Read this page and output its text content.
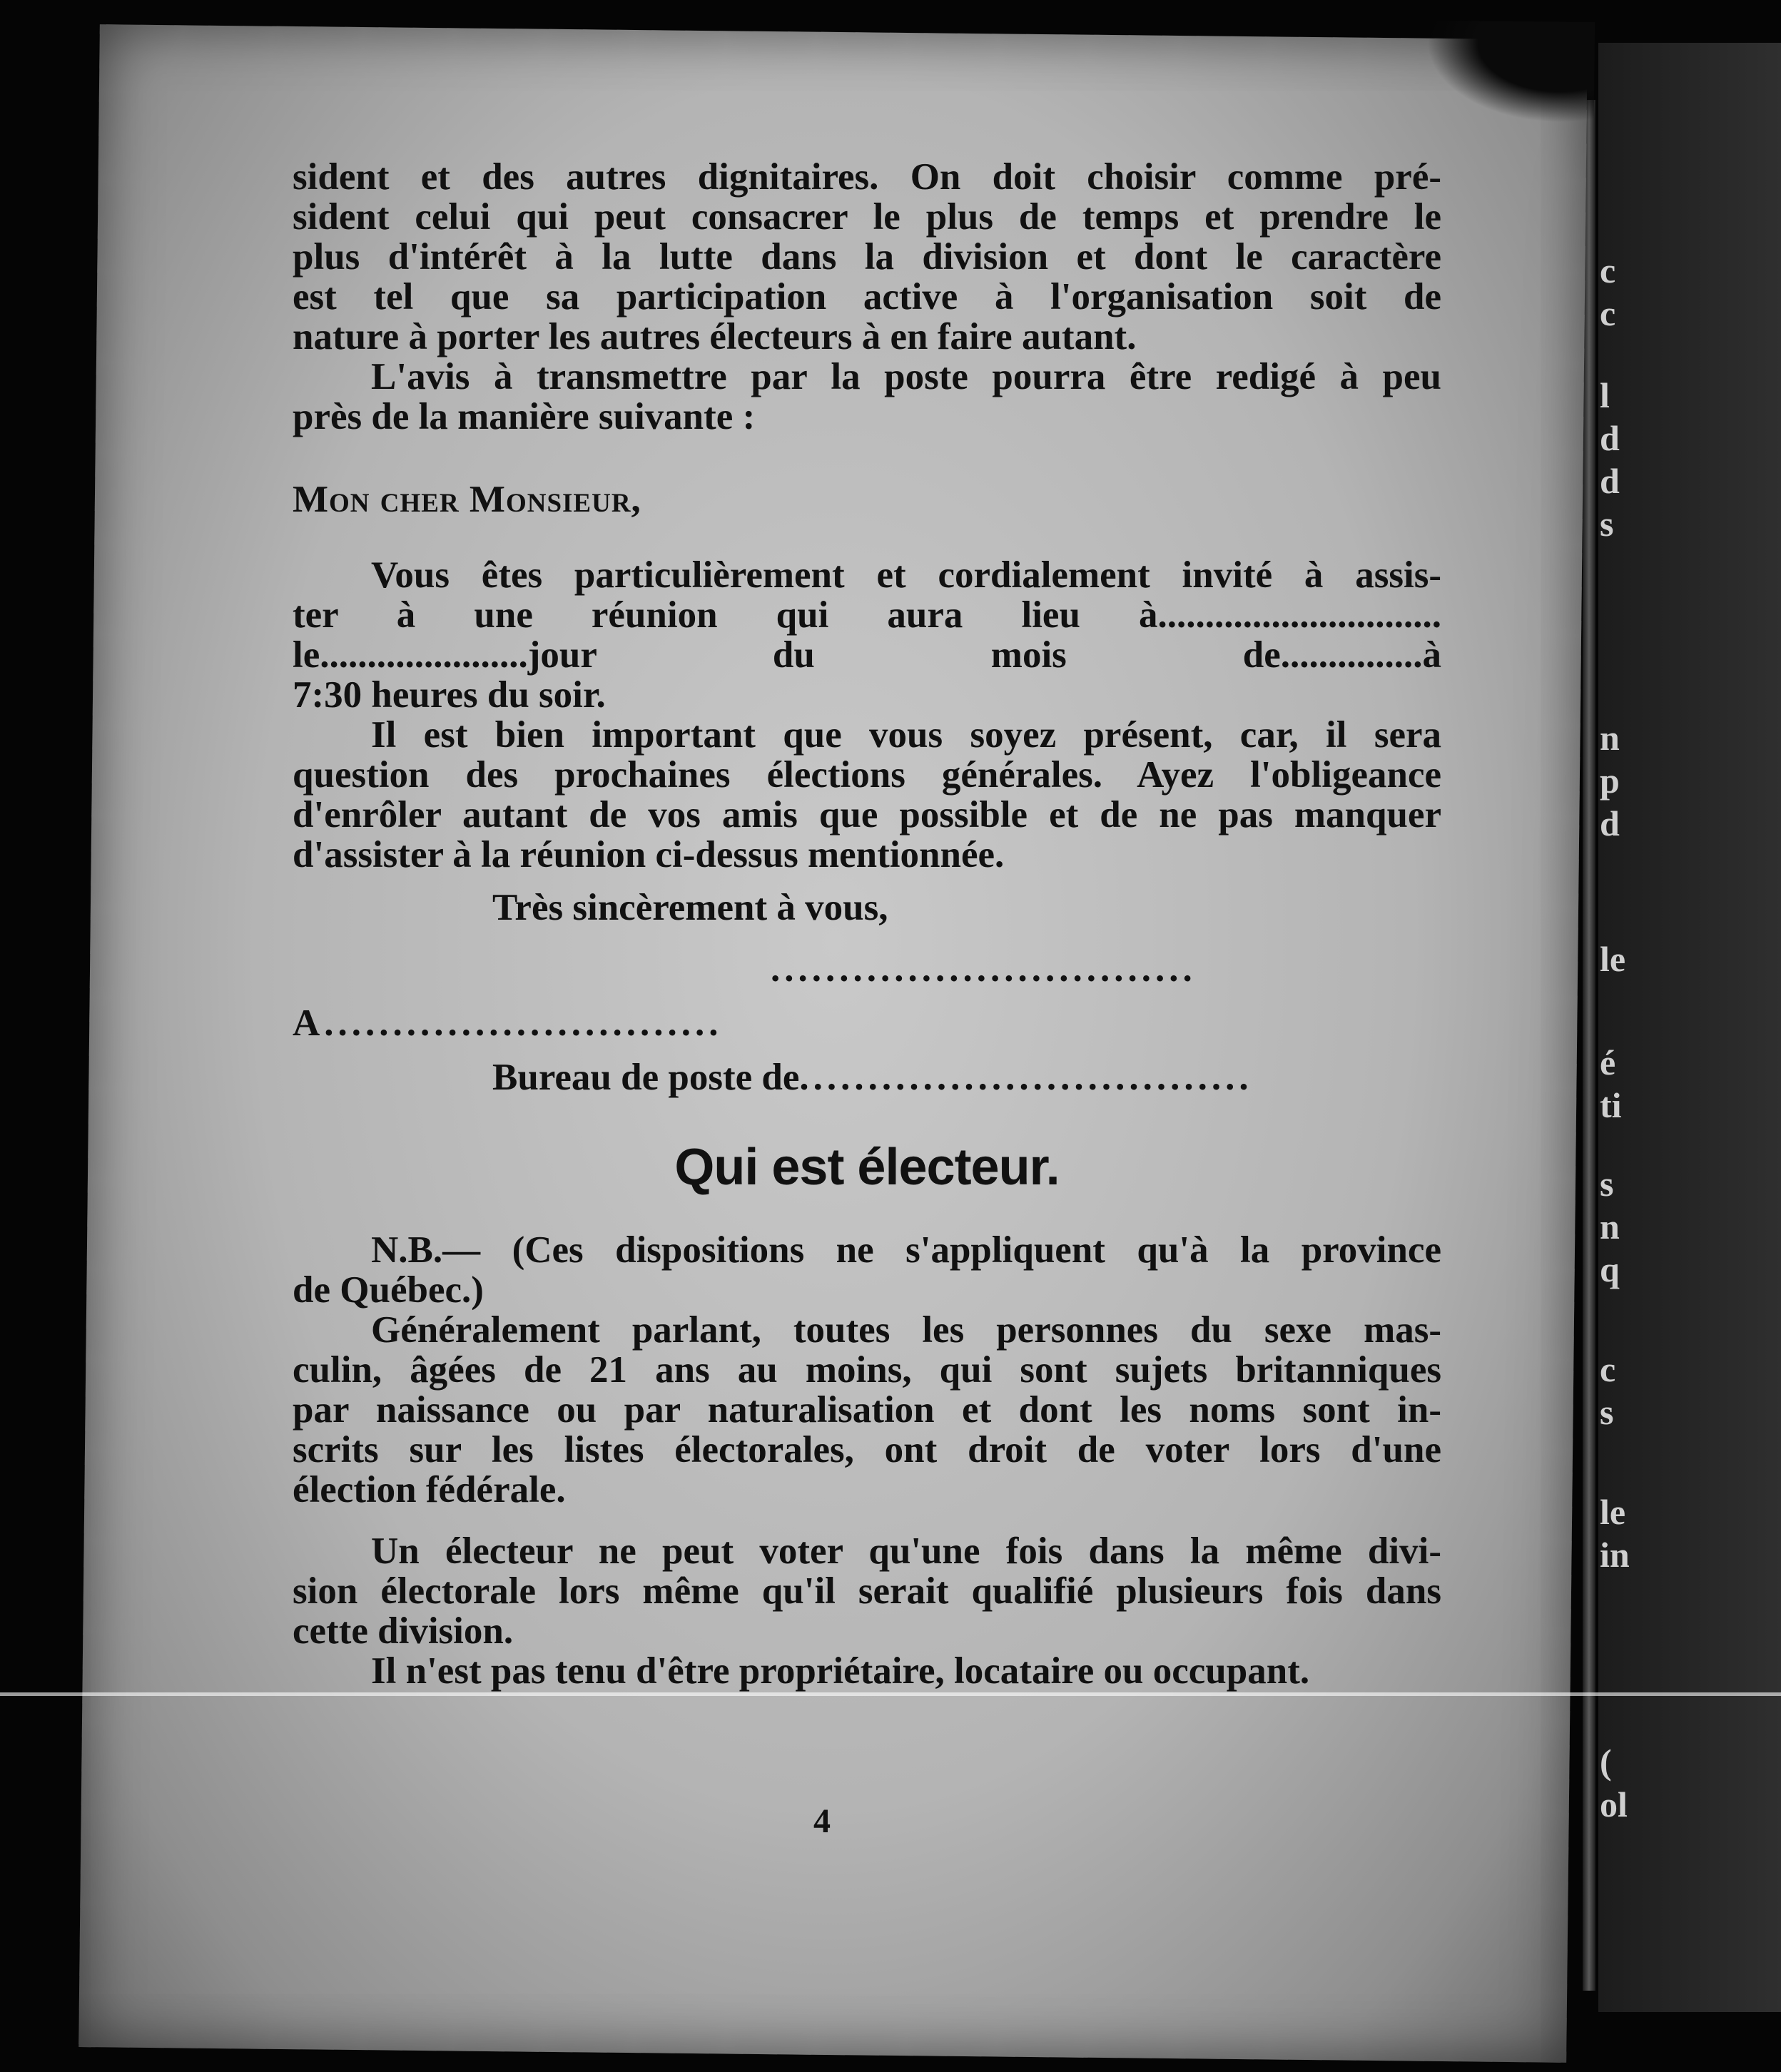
c
c
l
d
d
s
n
p
d
le
é
ti
s
n
q
c
s
le
in
(
ol
sident et des autres dignitaires. On doit choisir comme pré-
sident celui qui peut consacrer le plus de temps et prendre le
plus d'intérêt à la lutte dans la division et dont le caractère
est tel que sa participation active à l'organisation soit de
nature à porter les autres électeurs à en faire autant.
L'avis à transmettre par la poste pourra être redigé à peu
près de la manière suivante :
Mon cher Monsieur,
Vous êtes particulièrement et cordialement invité à assis-
ter à une réunion qui aura lieu à..............................
le......................jour du mois de...............à
7:30 heures du soir.
Il est bien important que vous soyez présent, car, il sera
question des prochaines élections générales. Ayez l'obligeance
d'enrôler autant de vos amis que possible et de ne pas manquer
d'assister à la réunion ci-dessus mentionnée.
Très sincèrement à vous,
...............................
A.............................
Bureau de poste de.................................
Qui est électeur.
N.B.— (Ces dispositions ne s'appliquent qu'à la province
de Québec.)
Généralement parlant, toutes les personnes du sexe mas-
culin, âgées de 21 ans au moins, qui sont sujets britanniques
par naissance ou par naturalisation et dont les noms sont in-
scrits sur les listes électorales, ont droit de voter lors d'une
élection fédérale.
Un électeur ne peut voter qu'une fois dans la même divi-
sion électorale lors même qu'il serait qualifié plusieurs fois dans
cette division.
Il n'est pas tenu d'être propriétaire, locataire ou occupant.
4
